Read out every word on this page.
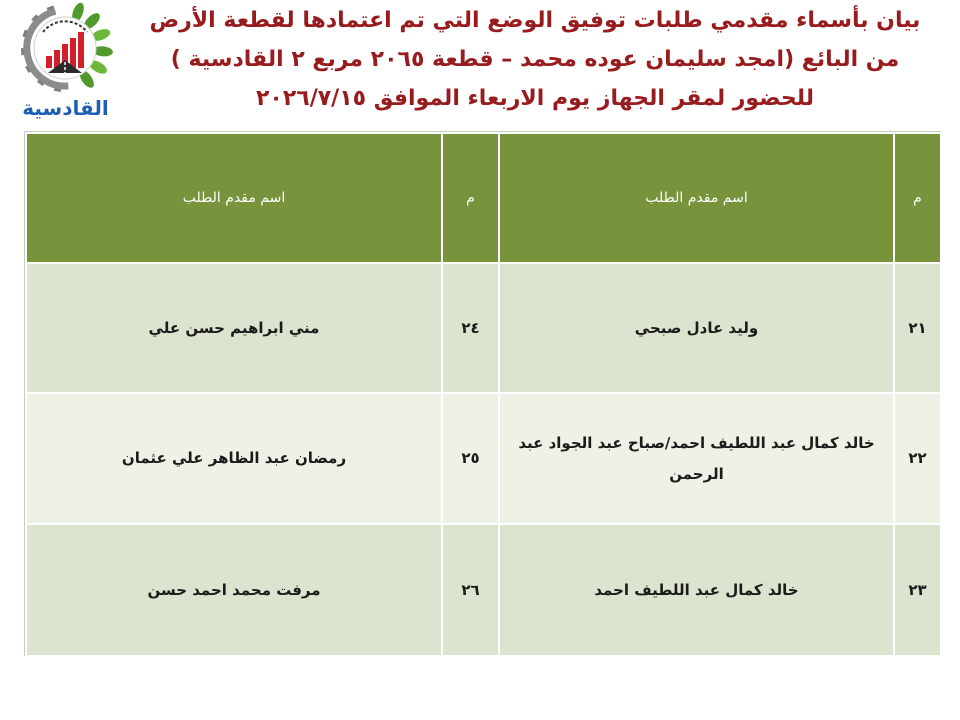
القادسية
بيان بأسماء مقدمي طلبات توفيق الوضع التي تم اعتمادها لقطعة الأرض
من البائع (امجد سليمان عوده محمد – قطعة ٢٠٦٥ مربع ٢ القادسية )
للحضور لمقر الجهاز يوم الاربعاء الموافق ٢٠٢٦/٧/١٥
م	اسم مقدم الطلب	م	اسم مقدم الطلب
٢١	وليد عادل صبحي	٢٤	مني ابراهيم حسن علي
٢٢	خالد كمال عبد اللطيف احمد/صباح عبد الجواد عبد الرحمن	٢٥	رمضان عبد الظاهر علي عثمان
٢٣	خالد كمال عبد اللطيف احمد	٢٦	مرفت محمد احمد حسن
